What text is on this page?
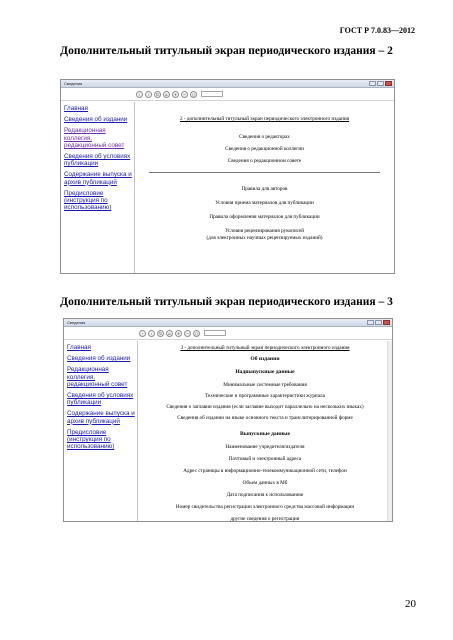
ГОСТ Р 7.0.83—2012
Дополнительный титульный экран периодического издания – 2
Сведения
‹	›	↻	⌂	+	−	○
Главная
Сведения об издании
Редакционная коллегия, редакционный совет
Сведения об условиях публикации
Содержание выпуска и архив публикаций
Предисловие (инструкция по использованию)
2 - дополнительный титульный экран периодического электронного издания
Сведения о редакторах
Сведения о редакционной коллегии
Сведения о редакционном совете
Правила для авторов
Условия приема материалов для публикации
Правила оформления материалов для публикации
Условия рецензирования рукописей
(для электронных научных рецензируемых изданий)
Дополнительный титульный экран периодического издания – 3
Сведения
‹	›	↻	⌂	+	−	○
Главная
Сведения об издании
Редакционная коллегия, редакционный совет
Сведения об условиях публикации
Содержание выпуска и архив публикаций
Предисловие (инструкция по использованию)
3 - дополнительный титульный экран периодического электронного издания
Об издании
Надвыпускные данные
Минимальные системные требования
Технические и программные характеристики журнала
Сведения о заглавии издания (если заглавие выходит параллельно на нескольких языках)
Сведения об издании на языке основного текста и транслитерированной форме
Выпускные данные
Наименование учредителя/издателя
Почтовый и электронный адреса
Адрес страницы в информационно-телекоммуникационной сети, телефон
Объем данных в Мб
Дата подписания к использованию
Номер свидетельства регистрации электронного средства массовой информации
другие сведения о регистрации
20
